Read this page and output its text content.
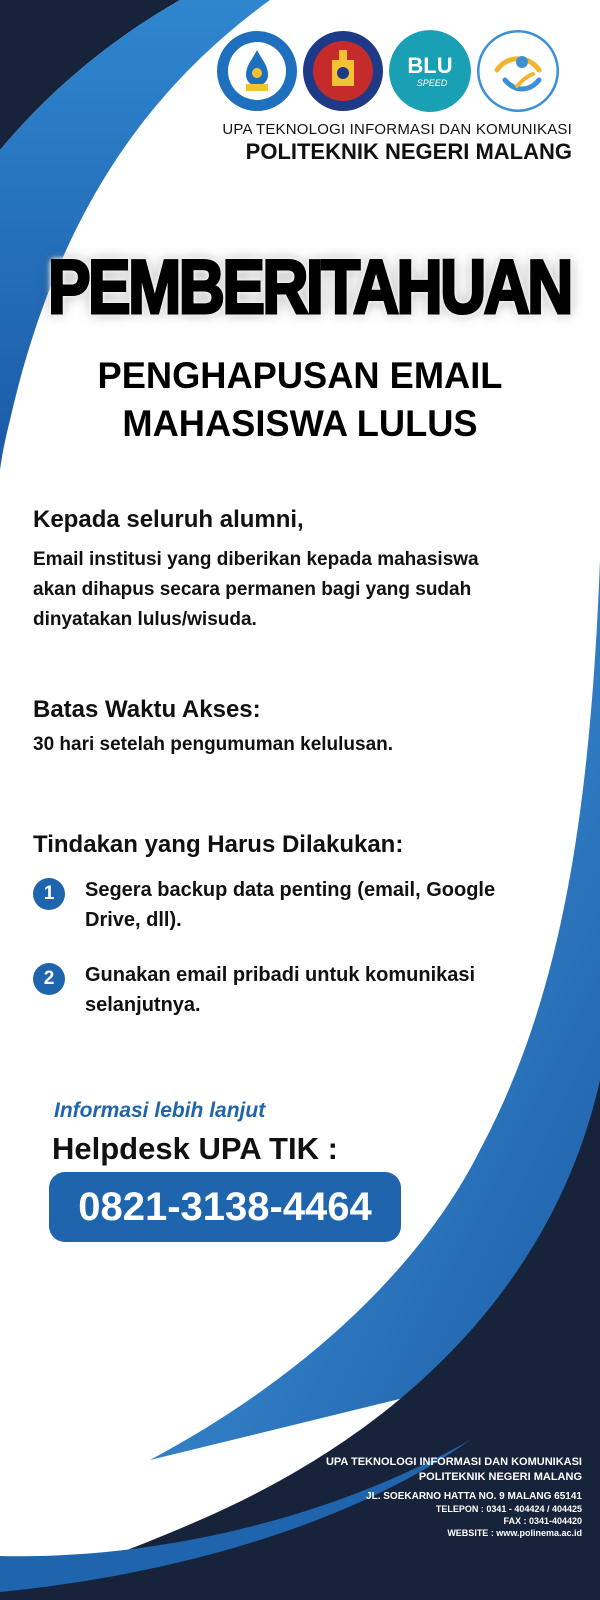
BLU
SPEED
UPA TEKNOLOGI INFORMASI DAN KOMUNIKASI
POLITEKNIK NEGERI MALANG
PEMBERITAHUAN
PENGHAPUSAN EMAIL
MAHASISWA LULUS
Kepada seluruh alumni,
Email institusi yang diberikan kepada mahasiswa
akan dihapus secara permanen bagi yang sudah
dinyatakan lulus/wisuda.
Batas Waktu Akses:
30 hari setelah pengumuman kelulusan.
Tindakan yang Harus Dilakukan:
1	Segera backup data penting (email, Google
Drive, dll).
2	Gunakan email pribadi untuk komunikasi
selanjutnya.
Informasi lebih lanjut
Helpdesk UPA TIK :
0821-3138-4464
UPA TEKNOLOGI INFORMASI DAN KOMUNIKASI
POLITEKNIK NEGERI MALANG
JL. SOEKARNO HATTA NO. 9 MALANG 65141
TELEPON : 0341 - 404424 / 404425
FAX : 0341-404420
WEBSITE : www.polinema.ac.id
